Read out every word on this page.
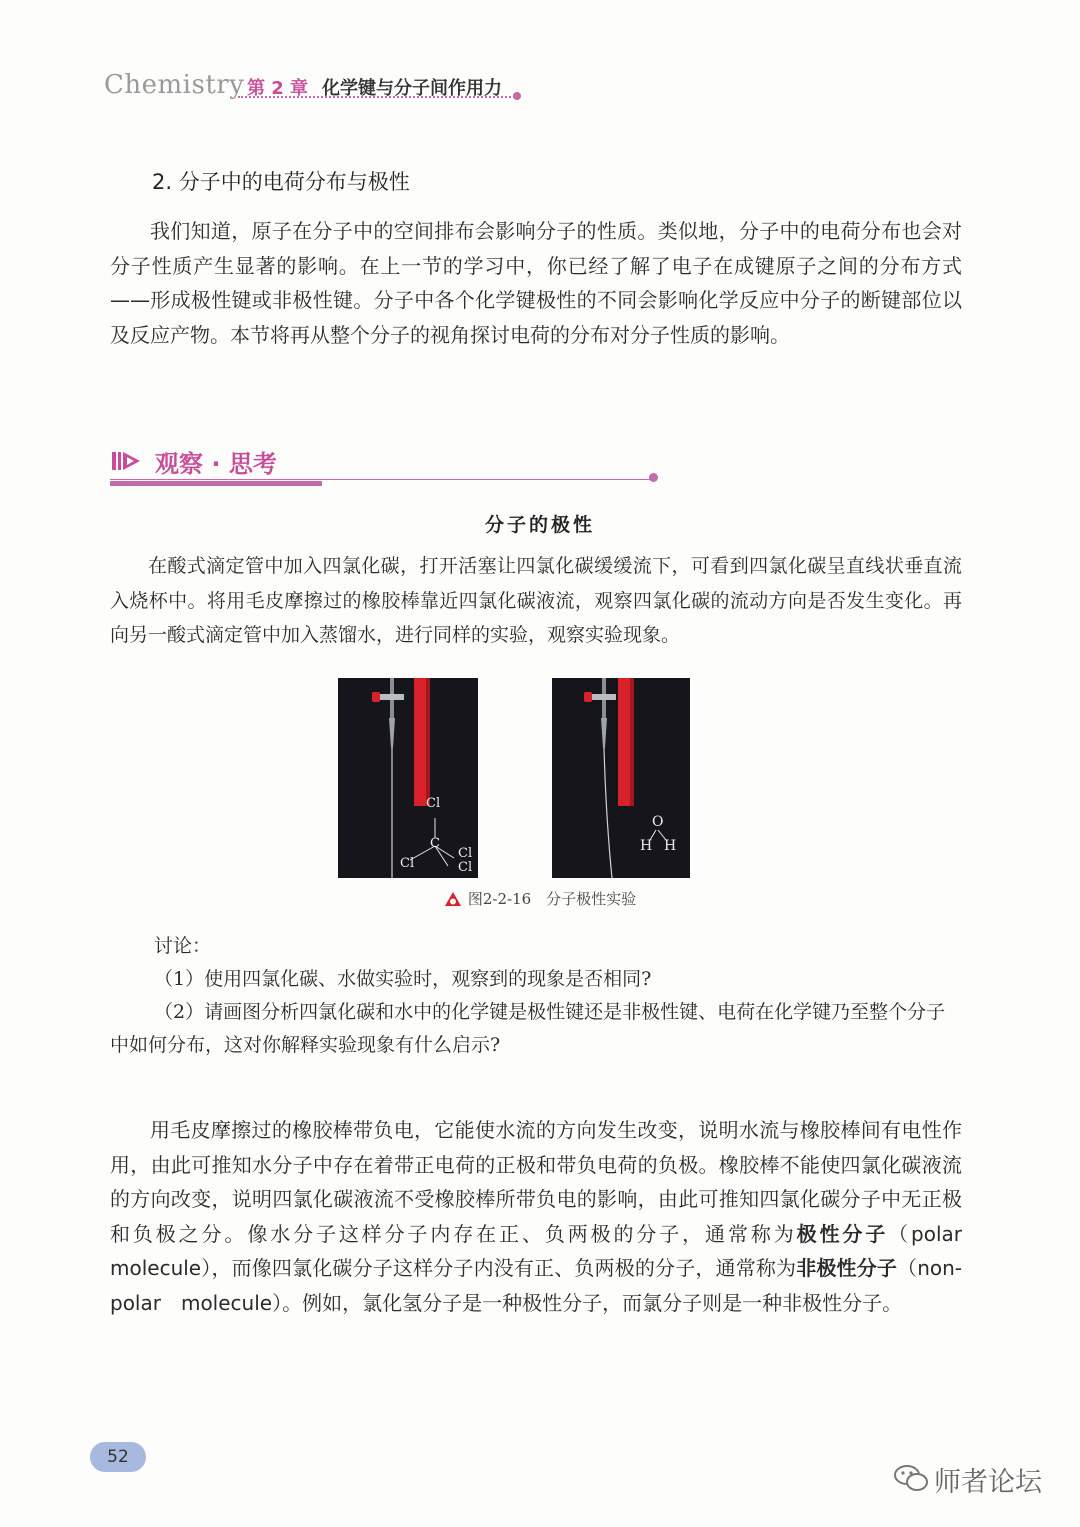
Chemistry 第 2 章 化学键与分子间作用力
2. 分子中的电荷分布与极性

我们知道，原子在分子中的空间排布会影响分子的性质。类似地，分子中的电荷分布也会对分子性质产生显著的影响。在上一节的学习中，你已经了解了电子在成键原子之间的分布方式——形成极性键或非极性键。分子中各个化学键极性的不同会影响化学反应中分子的断键部位以及反应产物。本节将再从整个分子的视角探讨电荷的分布对分子性质的影响。

观察 · 思考
分子的极性

在酸式滴定管中加入四氯化碳，打开活塞让四氯化碳缓缓流下，可看到四氯化碳呈直线状垂直流入烧杯中。将用毛皮摩擦过的橡胶棒靠近四氯化碳液流，观察四氯化碳的流动方向是否发生变化。再向另一酸式滴定管中加入蒸馏水，进行同样的实验，观察实验现象。

Cl
C
Cl
Cl
Cl
O
H H
图2-2-16　分子极性实验

讨论：

（1）使用四氯化碳、水做实验时，观察到的现象是否相同?

（2）请画图分析四氯化碳和水中的化学键是极性键还是非极性键、电荷在化学键乃至整个分子中如何分布，这对你解释实验现象有什么启示?

用毛皮摩擦过的橡胶棒带负电，它能使水流的方向发生改变，说明水流与橡胶棒间有电性作用，由此可推知水分子中存在着带正电荷的正极和带负电荷的负极。橡胶棒不能使四氯化碳液流的方向改变，说明四氯化碳液流不受橡胶棒所带负电的影响，由此可推知四氯化碳分子中无正极和负极之分。像水分子这样分子内存在正、负两极的分子，通常称为极性分子（polar　molecule），而像四氯化碳分子这样分子内没有正、负两极的分子，通常称为非极性分子（non-polar　molecule）。例如，氯化氢分子是一种极性分子，而氯分子则是一种非极性分子。

52
师者论坛
